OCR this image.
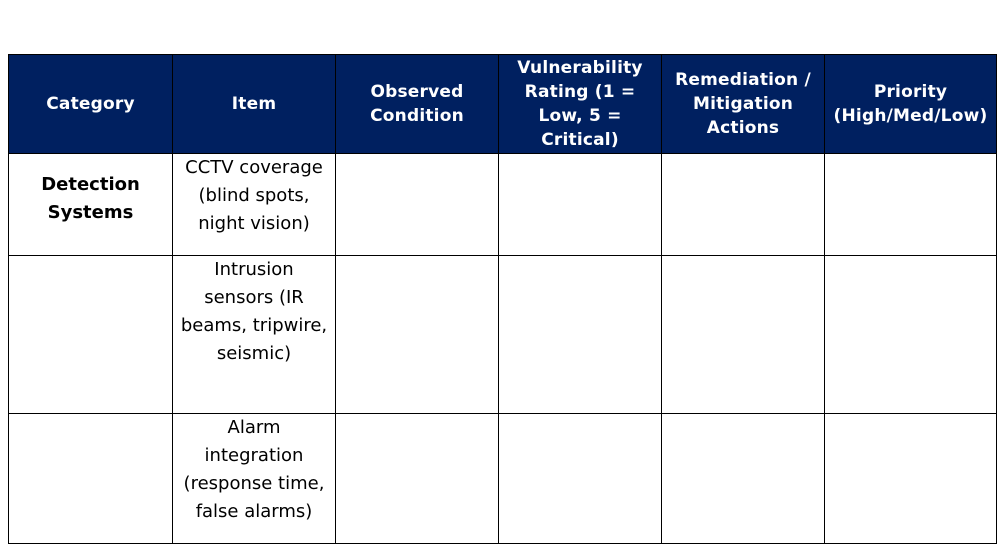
Category	Item	Observed Condition	Vulnerability Rating (1 = Low, 5 = Critical)	Remediation / Mitigation Actions	Priority (High/Med/Low)
Detection Systems	CCTV coverage (blind spots, night vision)				
	Intrusion sensors (IR beams, tripwire, seismic)				
	Alarm integration (response time, false alarms)				
